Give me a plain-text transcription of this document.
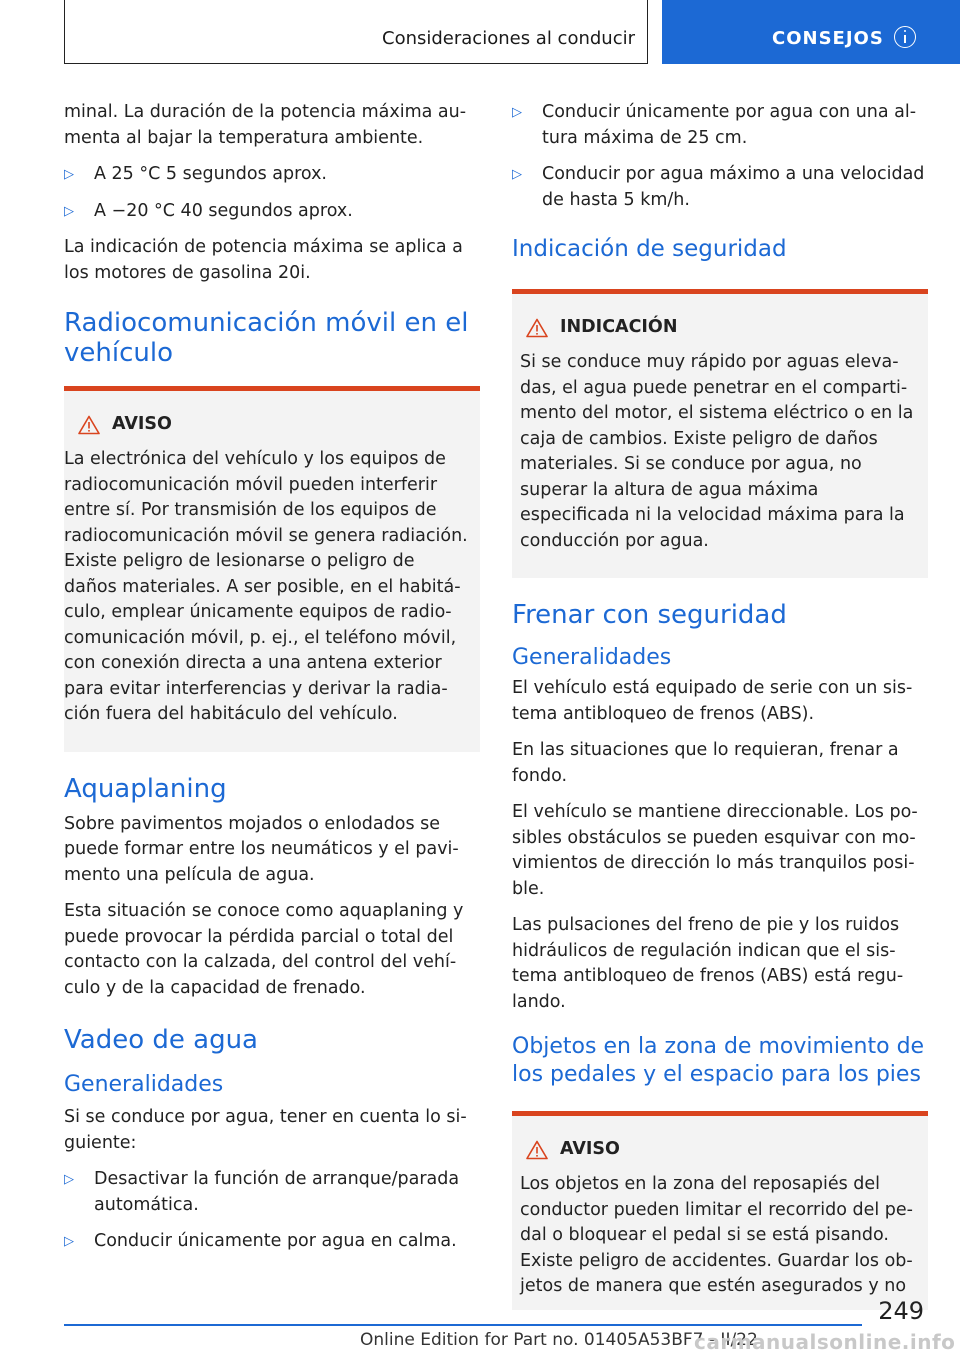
Consideraciones al conducir	CONSEJOS

minal. La duración de la potencia máxima aumenta al bajar la temperatura ambiente.

▷ A 25 °C 5 segundos aprox.
▷ A −20 °C 40 segundos aprox.

La indicación de potencia máxima se aplica a los motores de gasolina 20i.

Radiocomunicación móvil en el vehículo
AVISO
La electrónica del vehículo y los equipos de radiocomunicación móvil pueden interferir entre sí. Por transmisión de los equipos de radiocomunicación móvil se genera radiación. Existe peligro de lesionarse o peligro de daños materiales. A ser posible, en el habitáculo, emplear únicamente equipos de radiocomunicación móvil, p. ej., el teléfono móvil, con conexión directa a una antena exterior para evitar interferencias y derivar la radiación fuera del habitáculo del vehículo.
Aquaplaning

Sobre pavimentos mojados o enlodados se puede formar entre los neumáticos y el pavimento una película de agua.

Esta situación se conoce como aquaplaning y puede provocar la pérdida parcial o total del contacto con la calzada, del control del vehículo y de la capacidad de frenado.

Vadeo de agua
Generalidades

Si se conduce por agua, tener en cuenta lo siguiente:

▷ Desactivar la función de arranque/parada automática.
▷ Conducir únicamente por agua en calma.
▷ Conducir únicamente por agua con una altura máxima de 25 cm.
▷ Conducir por agua máximo a una velocidad de hasta 5 km/h.
Indicación de seguridad
INDICACIÓN
Si se conduce muy rápido por aguas elevadas, el agua puede penetrar en el compartimento del motor, el sistema eléctrico o en la caja de cambios. Existe peligro de daños materiales. Si se conduce por agua, no superar la altura de agua máxima especificada ni la velocidad máxima para la conducción por agua.
Frenar con seguridad
Generalidades

El vehículo está equipado de serie con un sistema antibloqueo de frenos (ABS).

En las situaciones que lo requieran, frenar a fondo.

El vehículo se mantiene direccionable. Los posibles obstáculos se pueden esquivar con movimientos de dirección lo más tranquilos posible.

Las pulsaciones del freno de pie y los ruidos hidráulicos de regulación indican que el sistema antibloqueo de frenos (ABS) está regulando.

Objetos en la zona de movimiento de los pedales y el espacio para los pies
AVISO
Los objetos en la zona del reposapiés del conductor pueden limitar el recorrido del pedal o bloquear el pedal si se está pisando. Existe peligro de accidentes. Guardar los objetos de manera que estén asegurados y no
249
Online Edition for Part no. 01405A53BF7 - II/22
carmanualsonline.info
